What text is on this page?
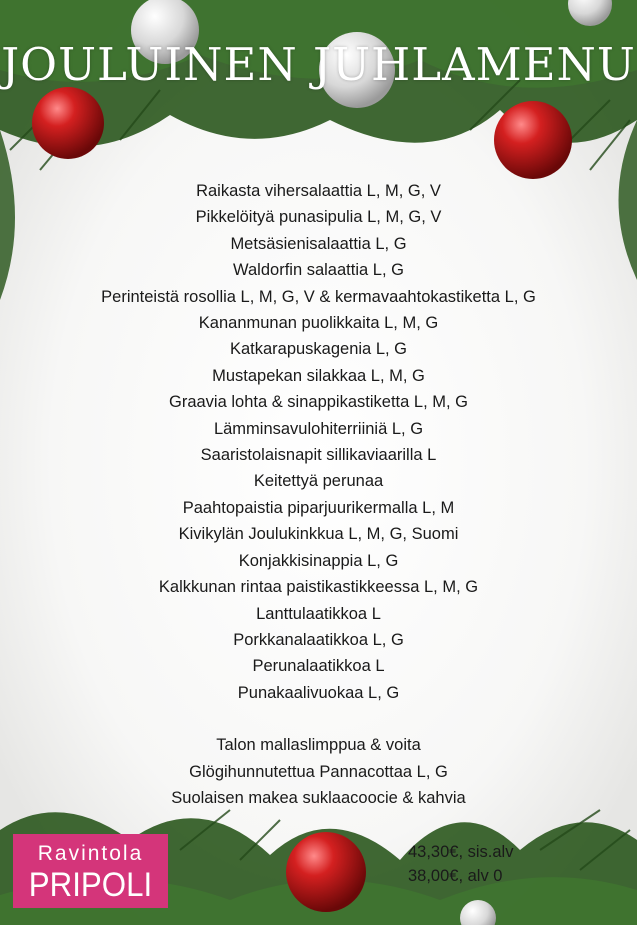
JOULUINEN JUHLAMENU
Raikasta vihersalaattia L, M, G, V
Pikkelöityä punasipulia L, M, G, V
Metsäsienisalaattia L, G
Waldorfin salaattia L, G
Perinteistä rosollia L, M, G, V & kermavaahtokastiketta L, G
Kananmunan puolikkaita L, M, G
Katkarapuskagenia L, G
Mustapekan silakkaa L, M, G
Graavia lohta & sinappikastiketta L, M, G
Lämminsavulohiterriiniä L, G
Saaristolaisnapit sillikaviaarilla L
Keitettyä perunaa
Paahtopaistia piparjuurikermalla L, M
Kivikylän Joulukinkkua L, M, G, Suomi
Konjakkisinappia L, G
Kalkkunan rintaa paistikastikkeessa L, M, G
Lanttulaatikkoa L
Porkkanalaatikkoa L, G
Perunalaatikkoa L
Punakaalivuokaa L, G
Talon mallaslimppua & voita
Glögihunnutettua Pannacottaa L, G
Suolaisen makea suklaacoocie & kahvia
Ravintola
PRIPOLI
43,30€, sis.alv
38,00€, alv 0
